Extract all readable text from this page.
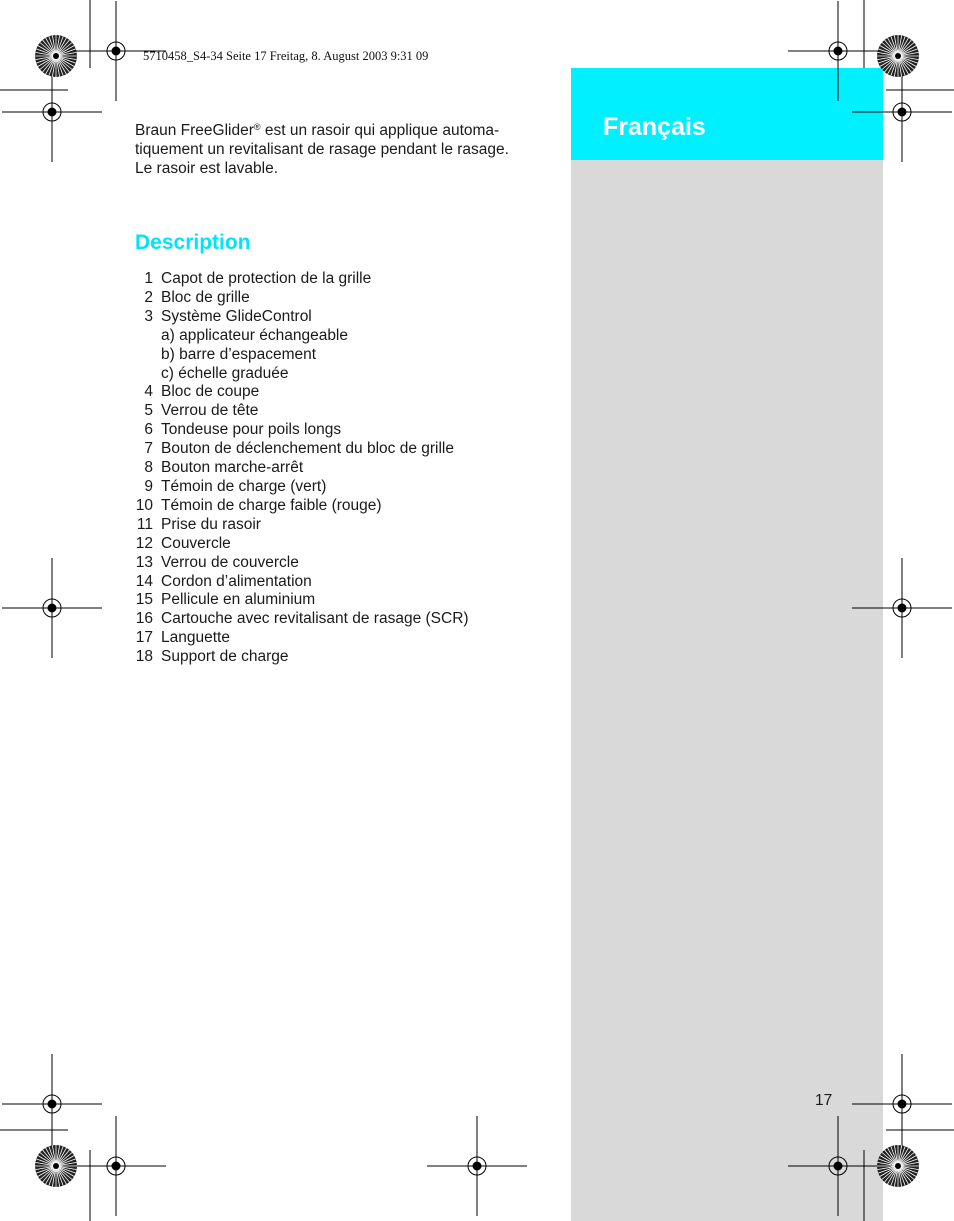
Français
5710458_S4-34 Seite 17 Freitag, 8. August 2003 9:31 09

Braun FreeGlider® est un rasoir qui applique automa-
tiquement un revitalisant de rasage pendant le rasage.
Le rasoir est lavable.

Description
1 Capot de protection de la grille
2 Bloc de grille
3 Système GlideControl
a) applicateur échangeable
b) barre d’espacement
c) échelle graduée
4 Bloc de coupe
5 Verrou de tête
6 Tondeuse pour poils longs
7 Bouton de déclenchement du bloc de grille
8 Bouton marche-arrêt
9 Témoin de charge (vert)
10 Témoin de charge faible (rouge)
11 Prise du rasoir
12 Couvercle
13 Verrou de couvercle
14 Cordon d’alimentation
15 Pellicule en aluminium
16 Cartouche avec revitalisant de rasage (SCR)
17 Languette
18 Support de charge
17
